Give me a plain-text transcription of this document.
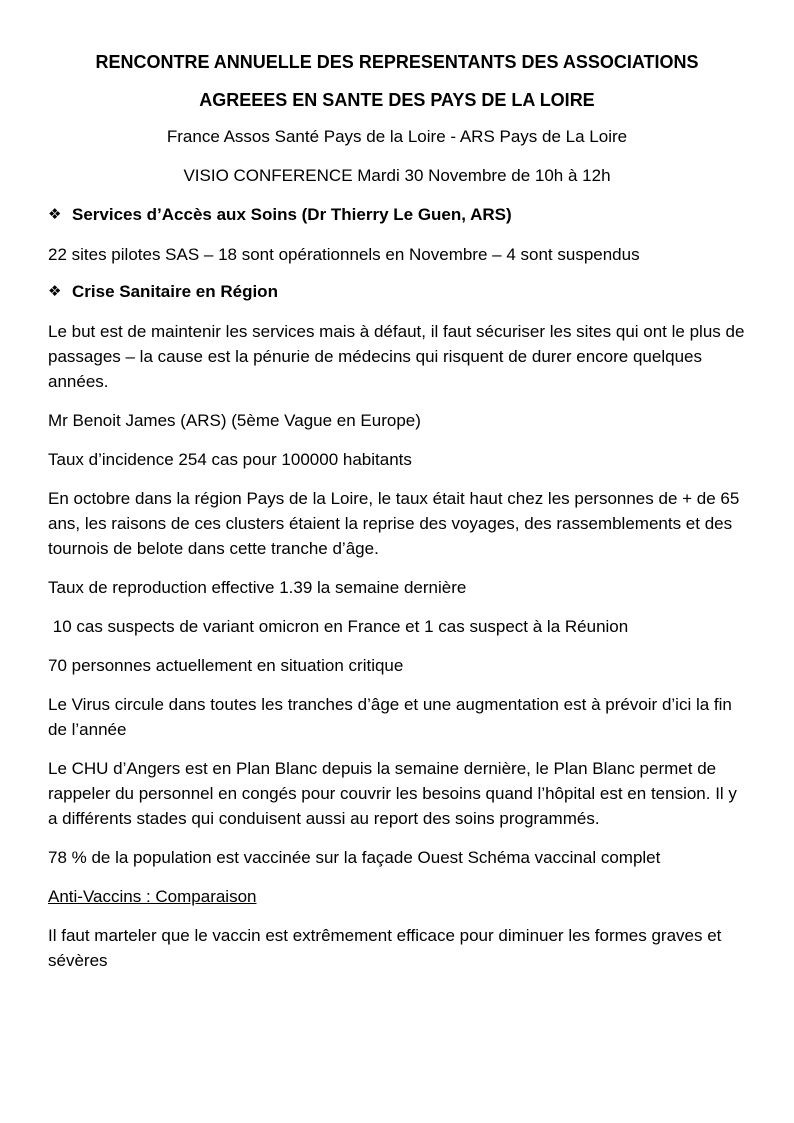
RENCONTRE ANNUELLE DES REPRESENTANTS DES ASSOCIATIONS
AGREEES EN SANTE DES PAYS DE LA LOIRE
France Assos Santé Pays de la Loire - ARS Pays de La Loire
VISIO CONFERENCE Mardi 30 Novembre de 10h à 12h
❖ Services d’Accès aux Soins (Dr Thierry Le Guen, ARS)

22 sites pilotes SAS – 18 sont opérationnels en Novembre – 4 sont suspendus

❖ Crise Sanitaire en Région

Le but est de maintenir les services mais à défaut, il faut sécuriser les sites qui ont le plus de passages – la cause est la pénurie de médecins qui risquent de durer encore quelques années.

Mr Benoit James (ARS) (5ème Vague en Europe)

Taux d’incidence 254 cas pour 100000 habitants

En octobre dans la région Pays de la Loire, le taux était haut chez les personnes de + de 65 ans, les raisons de ces clusters étaient la reprise des voyages, des rassemblements et des tournois de belote dans cette tranche d’âge.

Taux de reproduction effective 1.39 la semaine dernière

10 cas suspects de variant omicron en France et 1 cas suspect à la Réunion

70 personnes actuellement en situation critique

Le Virus circule dans toutes les tranches d’âge et une augmentation est à prévoir d’ici la fin de l’année

Le CHU d’Angers est en Plan Blanc depuis la semaine dernière, le Plan Blanc permet de rappeler du personnel en congés pour couvrir les besoins quand l’hôpital est en tension. Il y a différents stades qui conduisent aussi au report des soins programmés.

78 % de la population est vaccinée sur la façade Ouest Schéma vaccinal complet

Anti-Vaccins : Comparaison

Il faut marteler que le vaccin est extrêmement efficace pour diminuer les formes graves et sévères
